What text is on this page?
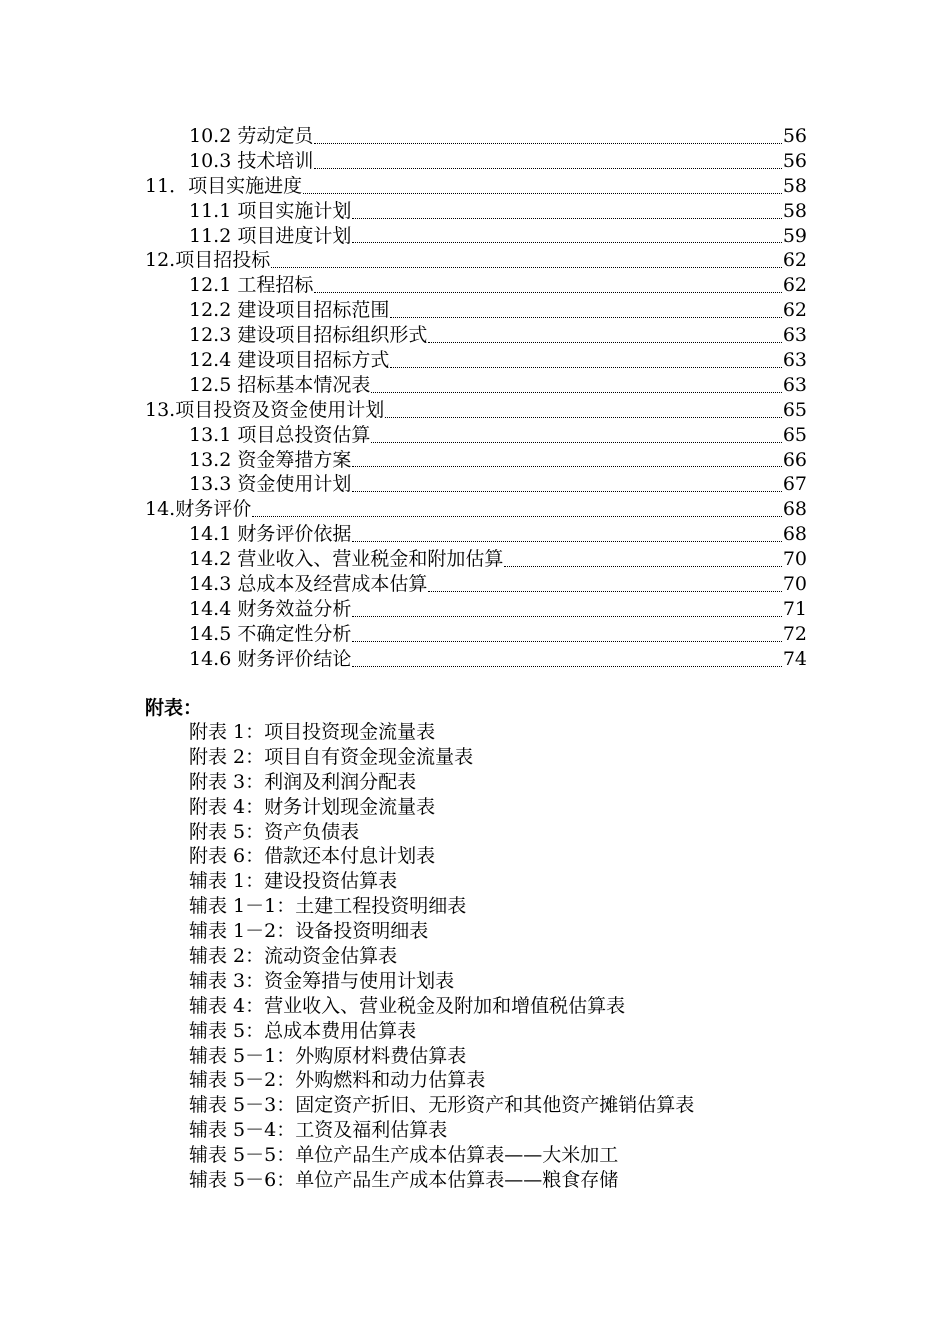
10.2 劳动定员	56
10.3 技术培训	56
11．项目实施进度	58
11.1 项目实施计划	58
11.2 项目进度计划	59
12.项目招投标	62
12.1 工程招标	62
12.2 建设项目招标范围	62
12.3 建设项目招标组织形式	63
12.4 建设项目招标方式	63
12.5 招标基本情况表	63
13.项目投资及资金使用计划	65
13.1 项目总投资估算	65
13.2 资金筹措方案	66
13.3 资金使用计划	67
14.财务评价	68
14.1 财务评价依据	68
14.2 营业收入、营业税金和附加估算	70
14.3 总成本及经营成本估算	70
14.4 财务效益分析	71
14.5 不确定性分析	72
14.6 财务评价结论	74
附表：
附表 1：项目投资现金流量表
附表 2：项目自有资金现金流量表
附表 3：利润及利润分配表
附表 4：财务计划现金流量表
附表 5：资产负债表
附表 6：借款还本付息计划表
辅表 1：建设投资估算表
辅表 1－1：土建工程投资明细表
辅表 1－2：设备投资明细表
辅表 2：流动资金估算表
辅表 3：资金筹措与使用计划表
辅表 4：营业收入、营业税金及附加和增值税估算表
辅表 5：总成本费用估算表
辅表 5－1：外购原材料费估算表
辅表 5－2：外购燃料和动力估算表
辅表 5－3：固定资产折旧、无形资产和其他资产摊销估算表
辅表 5－4：工资及福利估算表
辅表 5－5：单位产品生产成本估算表——大米加工
辅表 5－6：单位产品生产成本估算表——粮食存储
